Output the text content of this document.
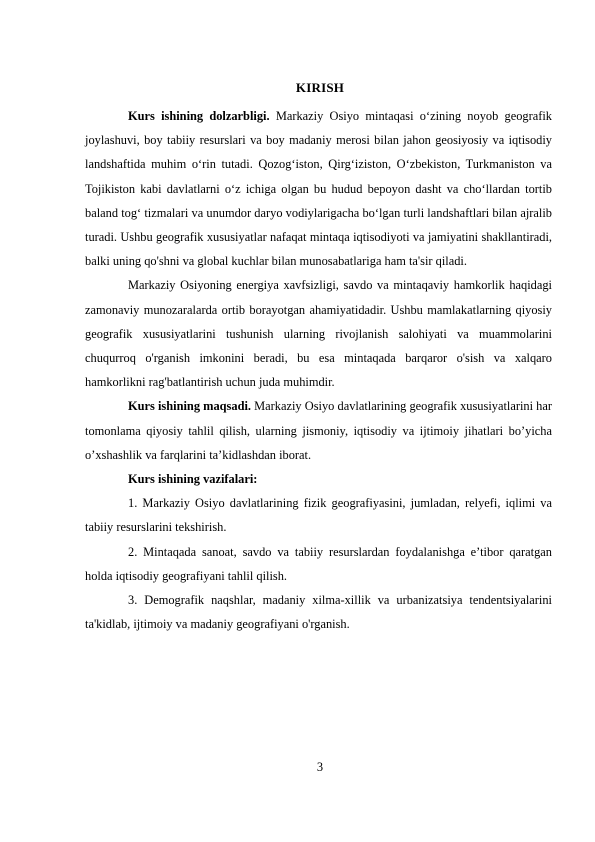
KIRISH

Kurs ishining dolzarbligi. Markaziy Osiyo mintaqasi o‘zining noyob geografik joylashuvi, boy tabiiy resurslari va boy madaniy merosi bilan jahon geosiyosiy va iqtisodiy landshaftida muhim o‘rin tutadi. Qozog‘iston, Qirg‘iziston, O‘zbekiston, Turkmaniston va Tojikiston kabi davlatlarni o‘z ichiga olgan bu hudud bepoyon dasht va cho‘llardan tortib baland tog‘ tizmalari va unumdor daryo vodiylarigacha bo‘lgan turli landshaftlari bilan ajralib turadi. Ushbu geografik xususiyatlar nafaqat mintaqa iqtisodiyoti va jamiyatini shakllantiradi, balki uning qo'shni va global kuchlar bilan munosabatlariga ham ta'sir qiladi.

Markaziy Osiyoning energiya xavfsizligi, savdo va mintaqaviy hamkorlik haqidagi zamonaviy munozaralarda ortib borayotgan ahamiyatidadir. Ushbu mamlakatlarning qiyosiy geografik xususiyatlarini tushunish ularning rivojlanish salohiyati va muammolarini chuqurroq o'rganish imkonini beradi, bu esa mintaqada barqaror o'sish va xalqaro hamkorlikni rag'batlantirish uchun juda muhimdir.

Kurs ishining maqsadi. Markaziy Osiyo davlatlarining geografik xususiyatlarini har tomonlama qiyosiy tahlil qilish, ularning jismoniy, iqtisodiy va ijtimoiy jihatlari bo’yicha o’xshashlik va farqlarini ta’kidlashdan iborat.

Kurs ishining vazifalari:

1. Markaziy Osiyo davlatlarining fizik geografiyasini, jumladan, relyefi, iqlimi va tabiiy resurslarini tekshirish.

2. Mintaqada sanoat, savdo va tabiiy resurslardan foydalanishga e’tibor qaratgan holda iqtisodiy geografiyani tahlil qilish.

3. Demografik naqshlar, madaniy xilma-xillik va urbanizatsiya tendentsiyalarini ta'kidlab, ijtimoiy va madaniy geografiyani o'rganish.

3
